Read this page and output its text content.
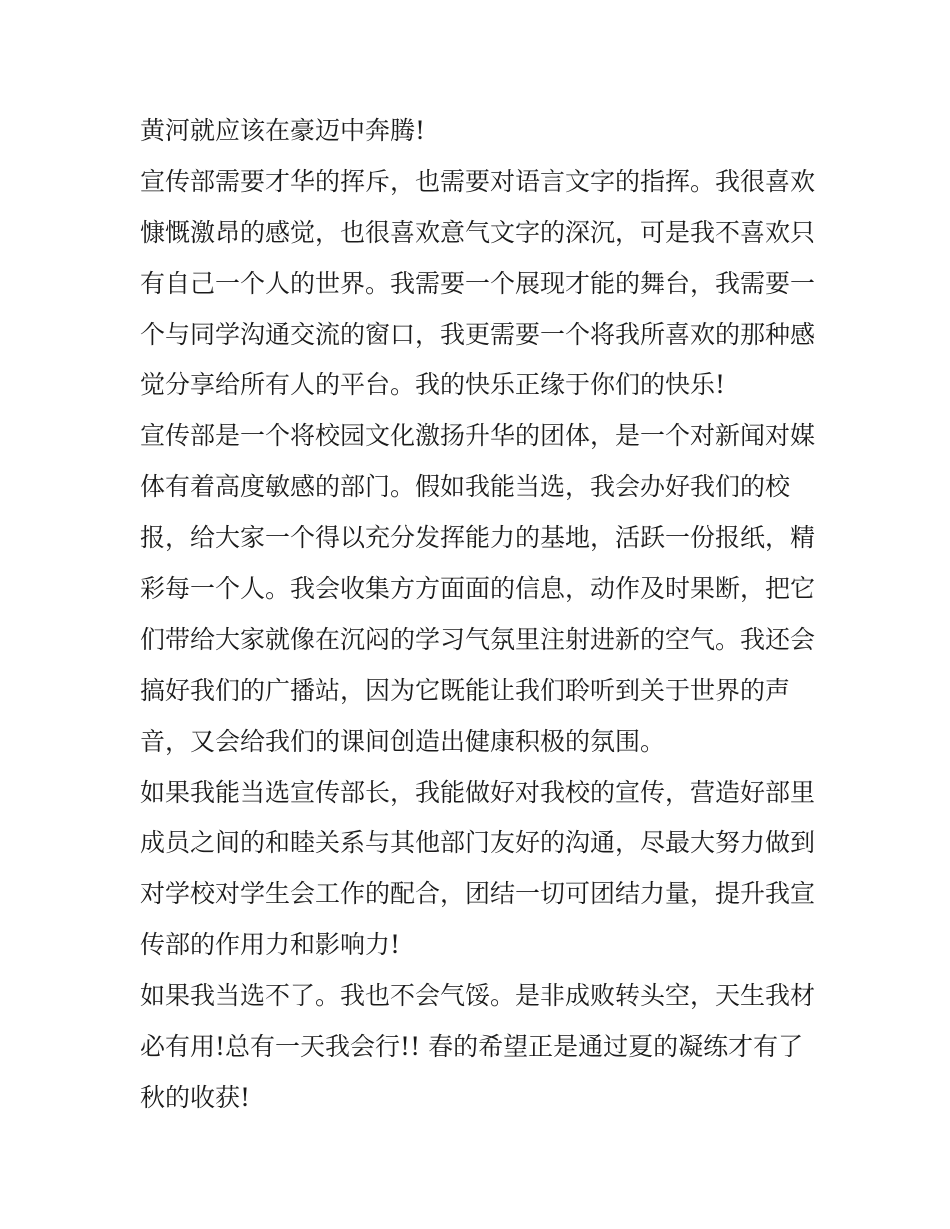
黄河就应该在豪迈中奔腾!
宣传部需要才华的挥斥，也需要对语言文字的指挥。我很喜欢
慷慨激昂的感觉，也很喜欢意气文字的深沉，可是我不喜欢只
有自己一个人的世界。我需要一个展现才能的舞台，我需要一
个与同学沟通交流的窗口，我更需要一个将我所喜欢的那种感
觉分享给所有人的平台。我的快乐正缘于你们的快乐!
宣传部是一个将校园文化激扬升华的团体，是一个对新闻对媒
体有着高度敏感的部门。假如我能当选，我会办好我们的校
报，给大家一个得以充分发挥能力的基地，活跃一份报纸，精
彩每一个人。我会收集方方面面的信息，动作及时果断，把它
们带给大家就像在沉闷的学习气氛里注射进新的空气。我还会
搞好我们的广播站，因为它既能让我们聆听到关于世界的声
音，又会给我们的课间创造出健康积极的氛围。
如果我能当选宣传部长，我能做好对我校的宣传，营造好部里
成员之间的和睦关系与其他部门友好的沟通，尽最大努力做到
对学校对学生会工作的配合，团结一切可团结力量，提升我宣
传部的作用力和影响力!
如果我当选不了。我也不会气馁。是非成败转头空，天生我材
必有用!总有一天我会行!! 春的希望正是通过夏的凝练才有了
秋的收获!
